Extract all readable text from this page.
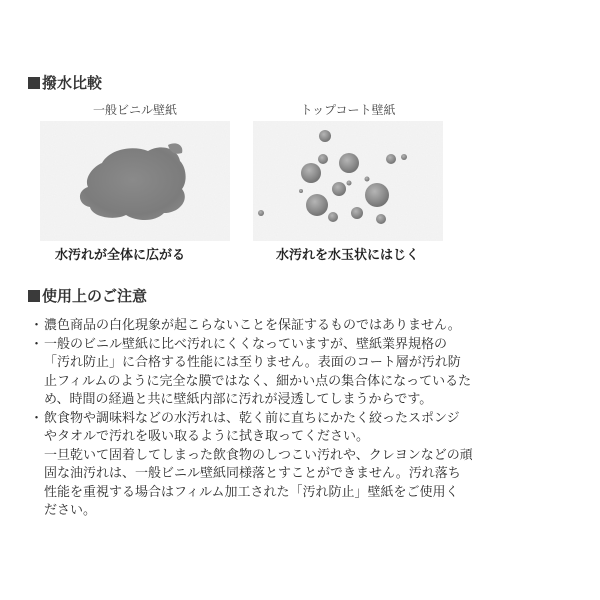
撥水比較
一般ビニル壁紙
水汚れが全体に広がる
トップコート壁紙
水汚れを水玉状にはじく
使用上のご注意
・ 濃色商品の白化現象が起こらないことを保証するものではありません。
・ 一般のビニル壁紙に比べ汚れにくくなっていますが、壁紙業界規格の
「汚れ防止」に合格する性能には至りません。表面のコート層が汚れ防
止フィルムのように完全な膜ではなく、細かい点の集合体になっているた
め、時間の経過と共に壁紙内部に汚れが浸透してしまうからです。
・ 飲食物や調味料などの水汚れは、乾く前に直ちにかたく絞ったスポンジ
やタオルで汚れを吸い取るように拭き取ってください。
一旦乾いて固着してしまった飲食物のしつこい汚れや、クレヨンなどの頑
固な油汚れは、一般ビニル壁紙同様落とすことができません。汚れ落ち
性能を重視する場合はフィルム加工された「汚れ防止」壁紙をご使用く
ださい。
